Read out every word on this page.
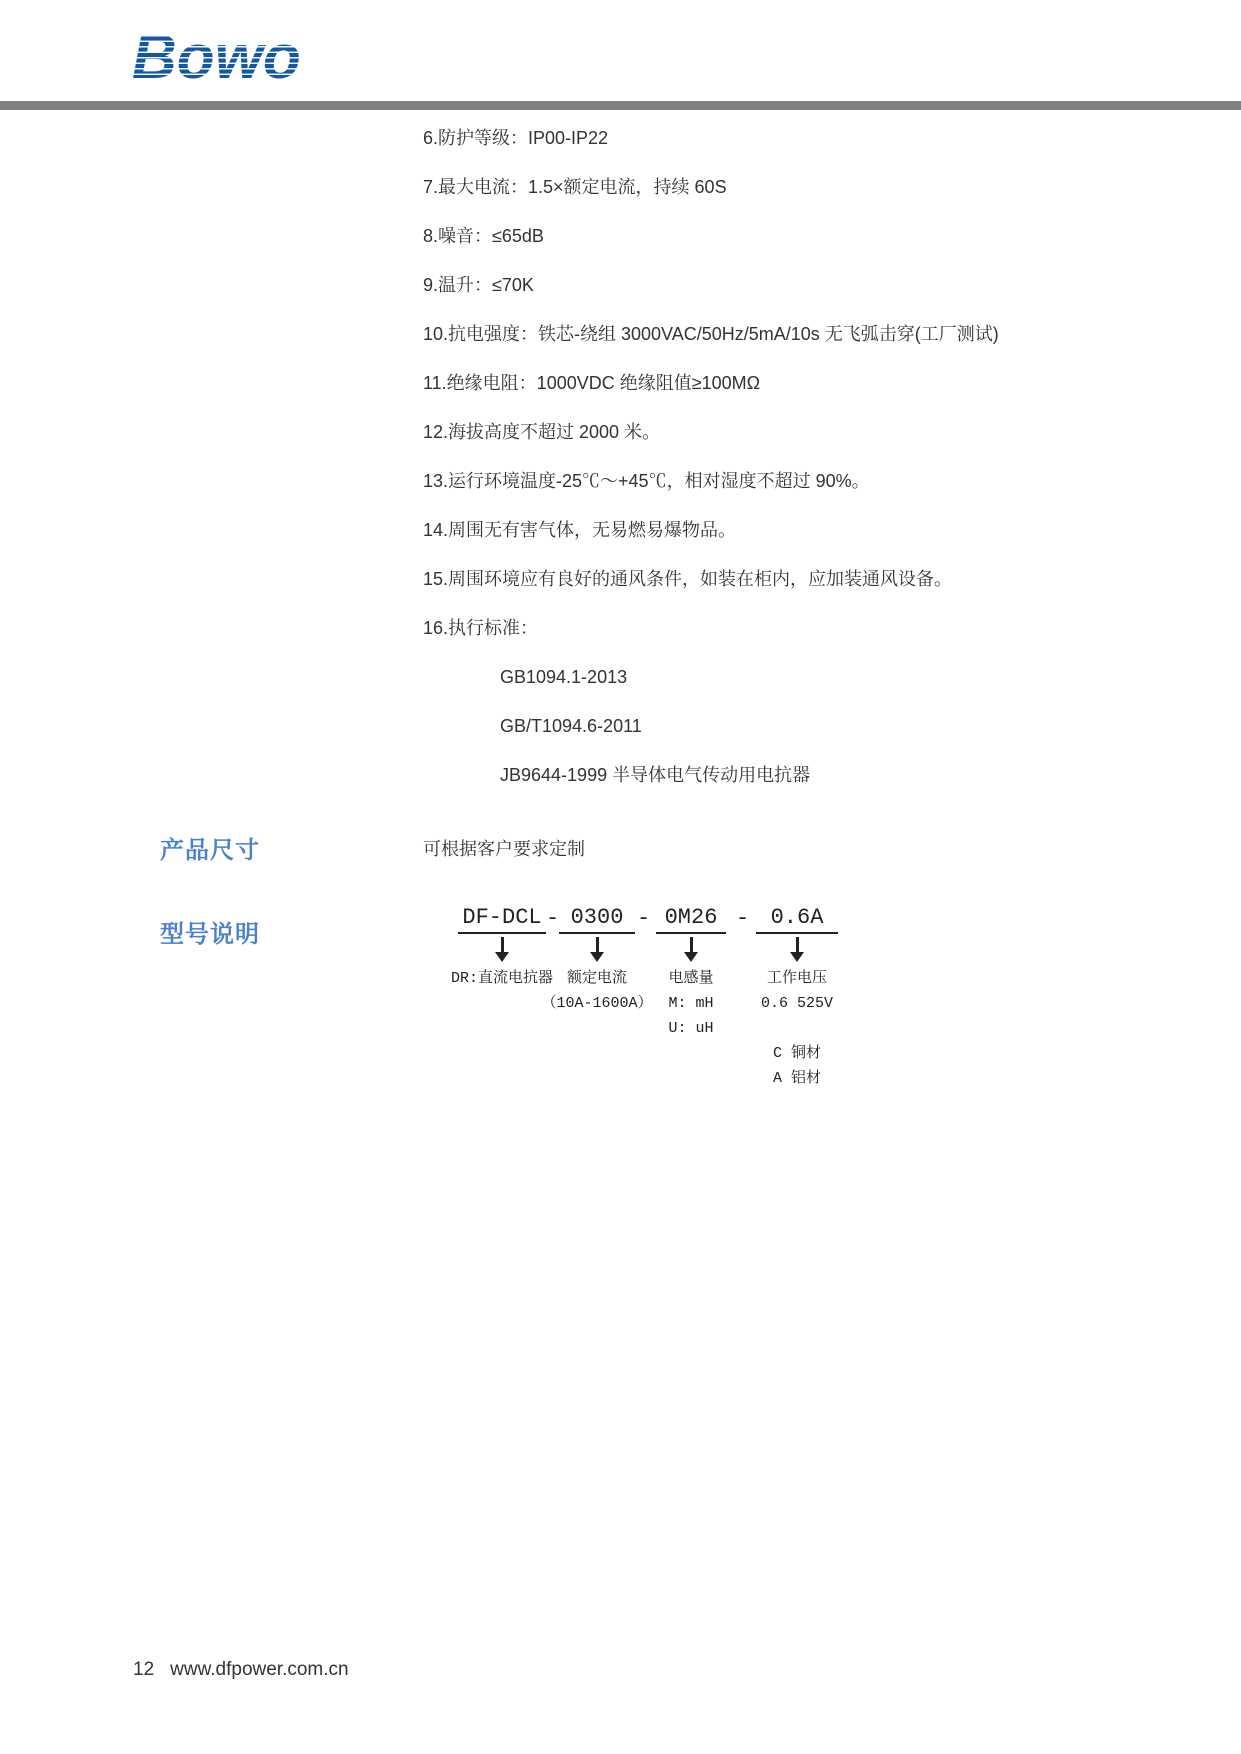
Bowo

6.防护等级：IP00-IP22

7.最大电流：1.5×额定电流，持续 60S

8.噪音：≤65dB

9.温升：≤70K

10.抗电强度：铁芯-绕组 3000VAC/50Hz/5mA/10s 无飞弧击穿(工厂测试)

11.绝缘电阻：1000VDC 绝缘阻值≥100MΩ

12.海拔高度不超过 2000 米。

13.运行环境温度-25℃～+45℃，相对湿度不超过 90%。

14.周围无有害气体，无易燃易爆物品。

15.周围环境应有良好的通风条件，如装在柜内，应加装通风设备。

16.执行标准：

GB1094.1-2013

GB/T1094.6-2011

JB9644-1999 半导体电气传动用电抗器

产品尺寸	可根据客户要求定制
型号说明
DF-DCL
DR:直流电抗器
- 0300
额定电流
（10A-1600A）
- 0M26
电感量
M: mH
U: uH
- 0.6A
工作电压
0.6 525V
C 铜材
A 铝材
12 www.dfpower.com.cn
